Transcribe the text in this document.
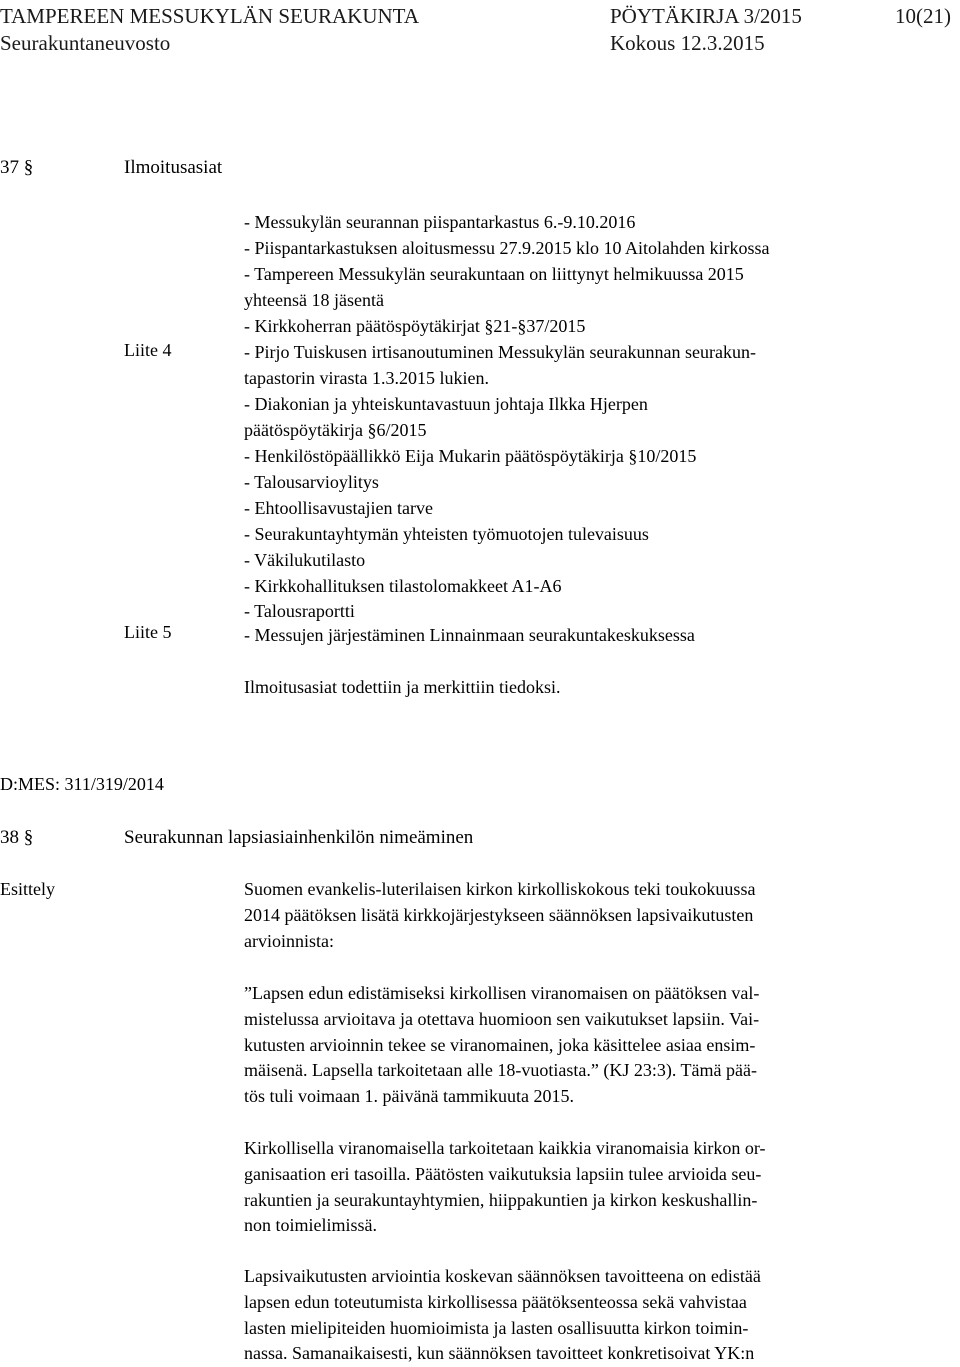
TAMPEREEN MESSUKYLÄN SEURAKUNTA	PÖYTÄKIRJA 3/2015	10(21)
Seurakuntaneuvosto	Kokous 12.3.2015
37 §	Ilmoitusasiat
Liite 4
Liite 5
- Messukylän seurannan piispantarkastus 6.-9.10.2016
- Piispantarkastuksen aloitusmessu 27.9.2015 klo 10 Aitolahden kirkossa
- Tampereen Messukylän seurakuntaan on liittynyt helmikuussa 2015
yhteensä 18 jäsentä
- Kirkkoherran päätöspöytäkirjat §21-§37/2015
- Pirjo Tuiskusen irtisanoutuminen Messukylän seurakunnan seurakun-
tapastorin virasta 1.3.2015 lukien.
- Diakonian ja yhteiskuntavastuun johtaja Ilkka Hjerpen
päätöspöytäkirja §6/2015
- Henkilöstöpäällikkö Eija Mukarin päätöspöytäkirja §10/2015
- Talousarvioylitys
- Ehtoollisavustajien tarve
- Seurakuntayhtymän yhteisten työmuotojen tulevaisuus
- Väkilukutilasto
- Kirkkohallituksen tilastolomakkeet A1-A6
- Talousraportti
- Messujen järjestäminen Linnainmaan seurakuntakeskuksessa
Ilmoitusasiat todettiin ja merkittiin tiedoksi.
D:MES: 311/319/2014
38 §	Seurakunnan lapsiasiainhenkilön nimeäminen
Esittely	Suomen evankelis-luterilaisen kirkon kirkolliskokous teki toukokuussa
2014 päätöksen lisätä kirkkojärjestykseen säännöksen lapsivaikutusten
arvioinnista:
”Lapsen edun edistämiseksi kirkollisen viranomaisen on päätöksen val-
mistelussa arvioitava ja otettava huomioon sen vaikutukset lapsiin. Vai-
kutusten arvioinnin tekee se viranomainen, joka käsittelee asiaa ensim-
mäisenä. Lapsella tarkoitetaan alle 18-vuotiasta.” (KJ 23:3). Tämä pää-
tös tuli voimaan 1. päivänä tammikuuta 2015.
Kirkollisella viranomaisella tarkoitetaan kaikkia viranomaisia kirkon or-
ganisaation eri tasoilla. Päätösten vaikutuksia lapsiin tulee arvioida seu-
rakuntien ja seurakuntayhtymien, hiippakuntien ja kirkon keskushallin-
non toimielimissä.
Lapsivaikutusten arviointia koskevan säännöksen tavoitteena on edistää
lapsen edun toteutumista kirkollisessa päätöksenteossa sekä vahvistaa
lasten mielipiteiden huomioimista ja lasten osallisuutta kirkon toimin-
nassa. Samanaikaisesti, kun säännöksen tavoitteet konkretisoivat YK:n
